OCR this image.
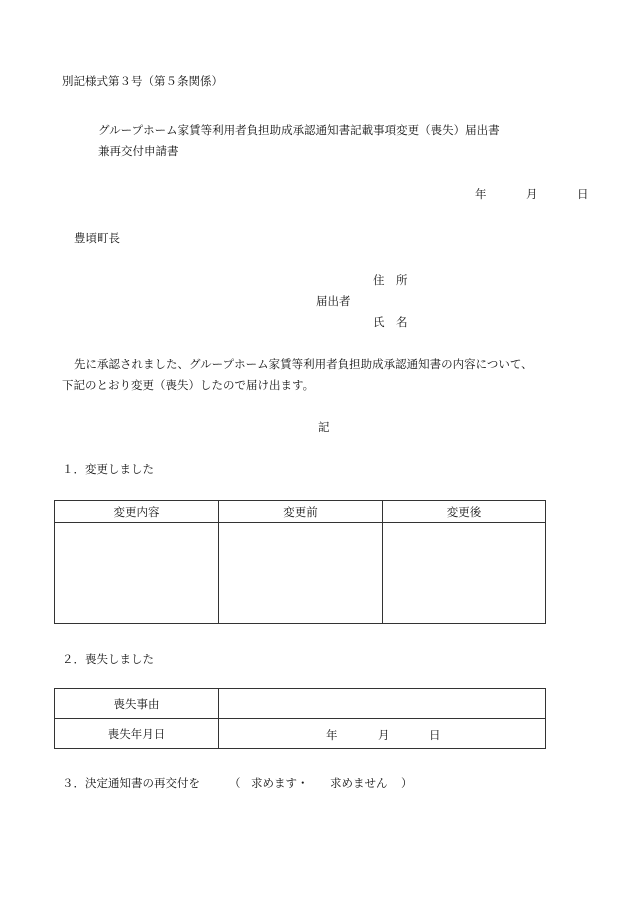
別記様式第３号（第５条関係）
グループホーム家賃等利用者負担助成承認通知書記載事項変更（喪失）届出書
兼再交付申請書
年	月	日
豊頃町長
住　所
届出者
氏　名
先に承認されました、グループホーム家賃等利用者負担助成承認通知書の内容について、
下記のとおり変更（喪失）したので届け出ます。
記
１．変更しました
変更内容	変更前	変更後

２．喪失しました
喪失事由	
喪失年月日	年 月 日
３．決定通知書の再交付を	（ 求めます・ 求めません ）
